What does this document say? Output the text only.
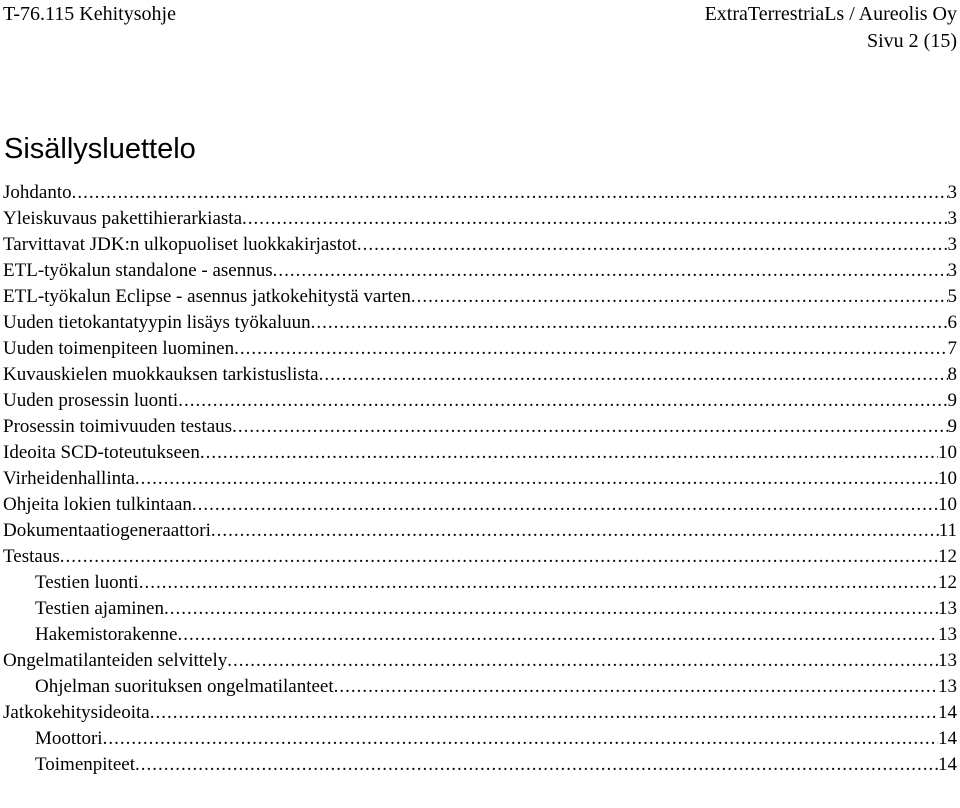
T-76.115 Kehitysohje	ExtraTerrestriaLs / Aureolis Oy
Sivu 2 (15)
Sisällysluettelo
Johdanto .....	3
Yleiskuvaus pakettihierarkiasta .....	3
Tarvittavat JDK:n ulkopuoliset luokkakirjastot .....	3
ETL-työkalun standalone - asennus .....	3
ETL-työkalun Eclipse - asennus jatkokehitystä varten .....	5
Uuden tietokantatyypin lisäys työkaluun .....	6
Uuden toimenpiteen luominen .....	7
Kuvauskielen muokkauksen tarkistuslista .....	8
Uuden prosessin luonti .....	9
Prosessin toimivuuden testaus .....	9
Ideoita SCD-toteutukseen .....	10
Virheidenhallinta .....	10
Ohjeita lokien tulkintaan .....	10
Dokumentaatiogeneraattori .....	11
Testaus .....	12
Testien luonti .....	12
Testien ajaminen .....	13
Hakemistorakenne .....	13
Ongelmatilanteiden selvittely .....	13
Ohjelman suorituksen ongelmatilanteet .....	13
Jatkokehitysideoita .....	14
Moottori .....	14
Toimenpiteet .....	14
